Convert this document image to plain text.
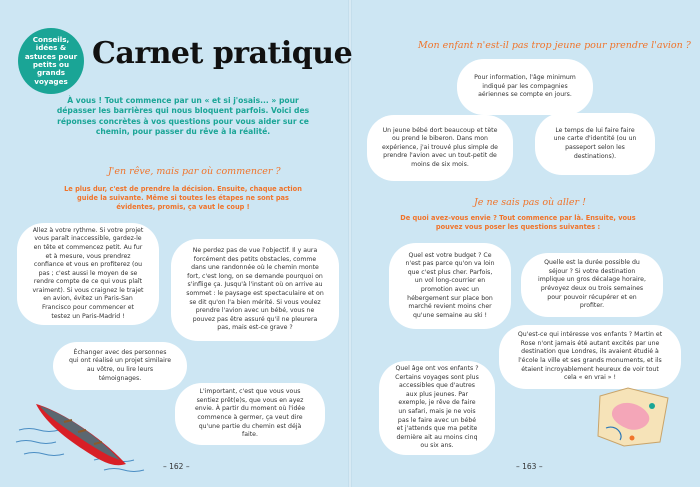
Conseils, idées & astuces pour petits ou grands voyages
Carnet pratique
À vous ! Tout commence par un « et si j'osais... » pour dépasser les barrières qui nous bloquent parfois. Voici des réponses concrètes à vos questions pour vous aider sur ce chemin, pour passer du rêve à la réalité.
J'en rêve, mais par où commencer ?
Le plus dur, c'est de prendre la décision. Ensuite, chaque action guide la suivante. Même si toutes les étapes ne sont pas évidentes, promis, ça vaut le coup !
Allez à votre rythme. Si votre projet vous paraît inaccessible, gardez-le en tête et commencez petit. Au fur et à mesure, vous prendrez confiance et vous en profiterez (ou pas ; c'est aussi le moyen de se rendre compte de ce qui vous plaît vraiment). Si vous craignez le trajet en avion, évitez un Paris-San Francisco pour commencer et testez un Paris-Madrid !
Ne perdez pas de vue l'objectif. Il y aura forcément des petits obstacles, comme dans une randonnée où le chemin monte fort, c'est long, on se demande pourquoi on s'inflige ça. Jusqu'à l'instant où on arrive au sommet : le paysage est spectaculaire et on se dit qu'on l'a bien mérité. Si vous voulez prendre l'avion avec un bébé, vous ne pouvez pas être assuré qu'il ne pleurera pas, mais est-ce grave ?
Échanger avec des personnes qui ont réalisé un projet similaire au vôtre, ou lire leurs témoignages.
L'important, c'est que vous vous sentiez prêt(e)s, que vous en ayez envie. À partir du moment où l'idée commence à germer, ça veut dire qu'une partie du chemin est déjà faite.
– 162 –
Mon enfant n'est-il pas trop jeune pour prendre l'avion ?
Pour information, l'âge minimum indiqué par les compagnies aériennes se compte en jours.
Un jeune bébé dort beaucoup et tète ou prend le biberon. Dans mon expérience, j'ai trouvé plus simple de prendre l'avion avec un tout-petit de moins de six mois.
Le temps de lui faire faire une carte d'identité (ou un passeport selon les destinations).
Je ne sais pas où aller !
De quoi avez-vous envie ? Tout commence par là. Ensuite, vous pouvez vous poser les questions suivantes :
Quel est votre budget ? Ce n'est pas parce qu'on va loin que c'est plus cher. Parfois, un vol long-courrier en promotion avec un hébergement sur place bon marché revient moins cher qu'une semaine au ski !
Quelle est la durée possible du séjour ? Si votre destination implique un gros décalage horaire, prévoyez deux ou trois semaines pour pouvoir récupérer et en profiter.
Qu'est-ce qui intéresse vos enfants ? Martin et Rose n'ont jamais été autant excités par une destination que Londres, ils avaient étudié à l'école la ville et ses grands monuments, et ils étaient incroyablement heureux de voir tout cela « en vrai » !
Quel âge ont vos enfants ? Certains voyages sont plus accessibles que d'autres aux plus jeunes. Par exemple, je rêve de faire un safari, mais je ne vois pas le faire avec un bébé et j'attends que ma petite dernière ait au moins cinq ou six ans.
– 163 –
